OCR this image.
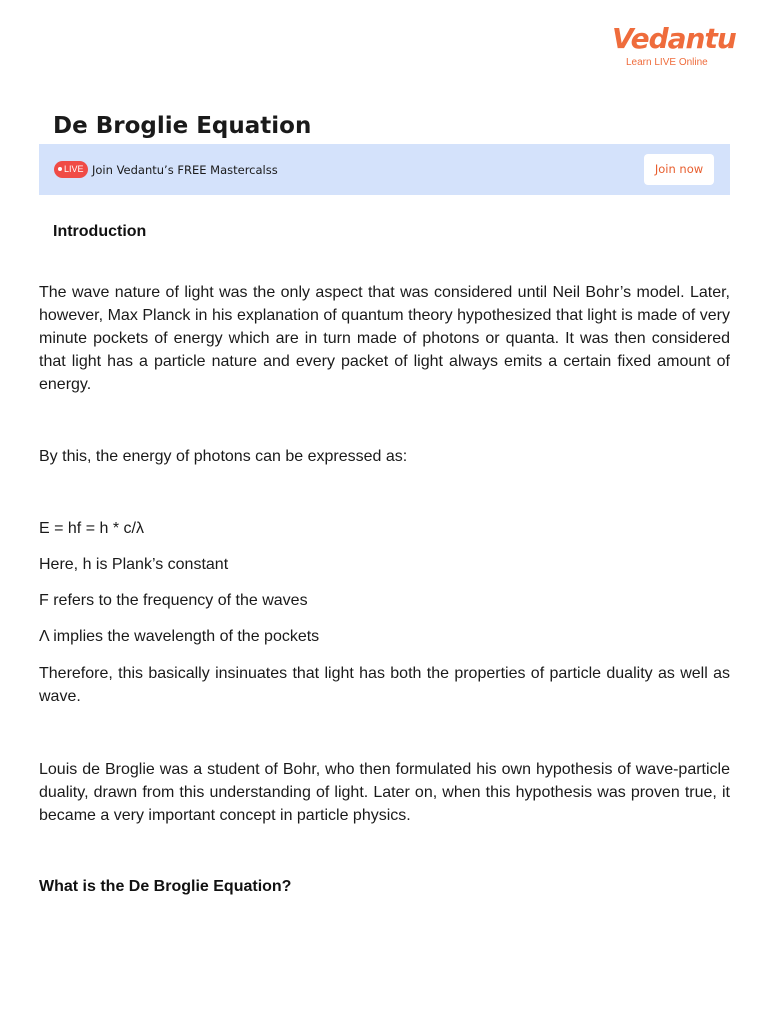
Vedantu
Learn LIVE Online
De Broglie Equation
LIVE Join Vedantu’s FREE Mastercalss	Join now
Introduction

The wave nature of light was the only aspect that was considered until Neil Bohr’s model. Later, however, Max Planck in his explanation of quantum theory hypothesized that light is made of very minute pockets of energy which are in turn made of photons or quanta. It was then considered that light has a particle nature and every packet of light always emits a certain fixed amount of energy.

By this, the energy of photons can be expressed as:

E = hf = h * c/λ

Here, h is Plank’s constant

F refers to the frequency of the waves

Λ implies the wavelength of the pockets

Therefore, this basically insinuates that light has both the properties of particle duality as well as wave.

Louis de Broglie was a student of Bohr, who then formulated his own hypothesis of wave-particle duality, drawn from this understanding of light. Later on, when this hypothesis was proven true, it became a very important concept in particle physics.

What is the De Broglie Equation?
